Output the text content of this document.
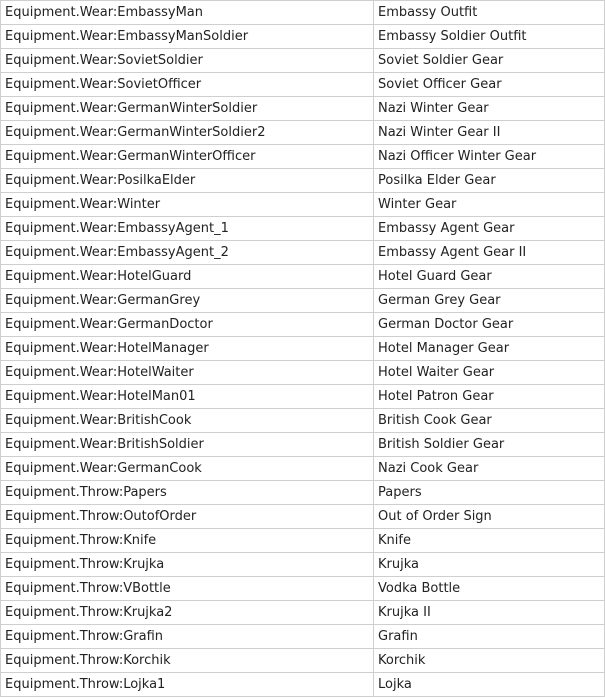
Equipment.Wear:EmbassyMan	Embassy Outfit
Equipment.Wear:EmbassyManSoldier	Embassy Soldier Outfit
Equipment.Wear:SovietSoldier	Soviet Soldier Gear
Equipment.Wear:SovietOfficer	Soviet Officer Gear
Equipment.Wear:GermanWinterSoldier	Nazi Winter Gear
Equipment.Wear:GermanWinterSoldier2	Nazi Winter Gear II
Equipment.Wear:GermanWinterOfficer	Nazi Officer Winter Gear
Equipment.Wear:PosilkaElder	Posilka Elder Gear
Equipment.Wear:Winter	Winter Gear
Equipment.Wear:EmbassyAgent_1	Embassy Agent Gear
Equipment.Wear:EmbassyAgent_2	Embassy Agent Gear II
Equipment.Wear:HotelGuard	Hotel Guard Gear
Equipment.Wear:GermanGrey	German Grey Gear
Equipment.Wear:GermanDoctor	German Doctor Gear
Equipment.Wear:HotelManager	Hotel Manager Gear
Equipment.Wear:HotelWaiter	Hotel Waiter Gear
Equipment.Wear:HotelMan01	Hotel Patron Gear
Equipment.Wear:BritishCook	British Cook Gear
Equipment.Wear:BritishSoldier	British Soldier Gear
Equipment.Wear:GermanCook	Nazi Cook Gear
Equipment.Throw:Papers	Papers
Equipment.Throw:OutofOrder	Out of Order Sign
Equipment.Throw:Knife	Knife
Equipment.Throw:Krujka	Krujka
Equipment.Throw:VBottle	Vodka Bottle
Equipment.Throw:Krujka2	Krujka II
Equipment.Throw:Grafin	Grafin
Equipment.Throw:Korchik	Korchik
Equipment.Throw:Lojka1	Lojka
